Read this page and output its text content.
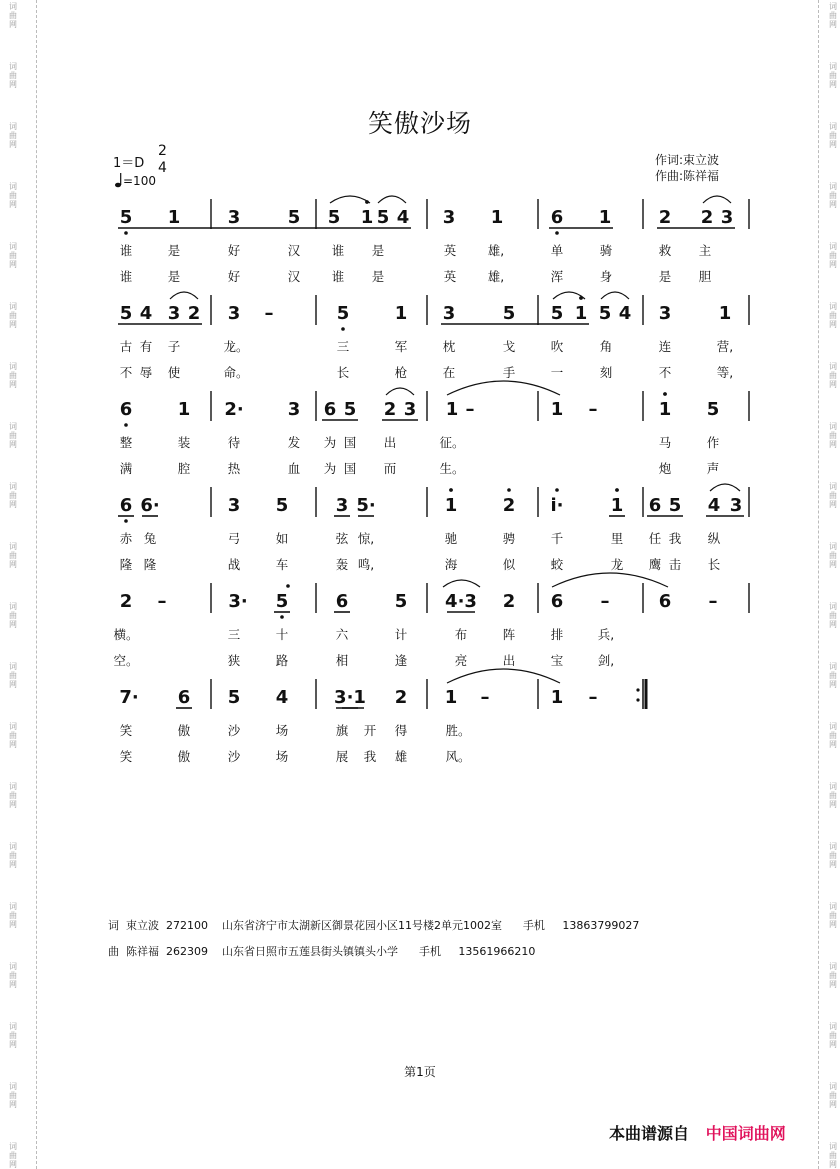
词
曲
网
词
曲
网
词
曲
网
词
曲
网
词
曲
网
词
曲
网
词
曲
网
词
曲
网
词
曲
网
词
曲
网
词
曲
网
词
曲
网
词
曲
网
词
曲
网
词
曲
网
词
曲
网
词
曲
网
词
曲
网
词
曲
网
词
曲
网
词
曲
网
词
曲
网
词
曲
网
词
曲
网
词
曲
网
词
曲
网
词
曲
网
词
曲
网
词
曲
网
词
曲
网
词
曲
网
词
曲
网
词
曲
网
词
曲
网
词
曲
网
词
曲
网
词
曲
网
词
曲
网
词
曲
网
词
曲
网
笑傲沙场
1＝D
2
4
=100
作词:束立波
作曲:陈祥福
5 1	3	5 5 1 5 4 3 1	6 1	2 2 3
5 4 3 2 3 –	5	1 3	5 5 1 5 4 3	1
6	1 2· 3 6 5 2 3 1 –	1 –	1 5
6 6·	3 5	3 5·	1	2 i·	1 6 5 4 3
2 –	3· 5	6	5 4·3 2 6 –	6 –
7· 6 5 4	3·1 2 1 –	1 –
谁	是	好	汉	谁 是	英	雄,	单	骑	救 主
谁	是	好	汉	谁 是	英	雄,	浑	身	是 胆
古 有 子	龙。	三	军	枕	戈	吹	角	连	营,
不 辱 使	命。	长	枪	在	手	一	刻	不	等,
整	装	待	发 为 国 出	征。	马	作
满	腔	热	血 为 国 而	生。	炮	声
赤 兔	弓	如	弦 惊,	驰	骋	千	里 任 我 纵
隆 隆	战	车	轰 鸣,	海	似	蛟	龙 鹰 击 长
横。	三	十	六	计	布	阵	排	兵,
空。	狭	路	相	逢	亮	出	宝	剑,
笑	傲	沙	场	旗 开 得	胜。
笑	傲	沙	场	展 我 雄	风。
词  束立波  272100    山东省济宁市太湖新区御景花园小区11号楼2单元1002室      手机     13863799027
曲  陈祥福  262309    山东省日照市五莲县街头镇镇头小学      手机     13561966210
第1页
本曲谱源自 中国词曲网
